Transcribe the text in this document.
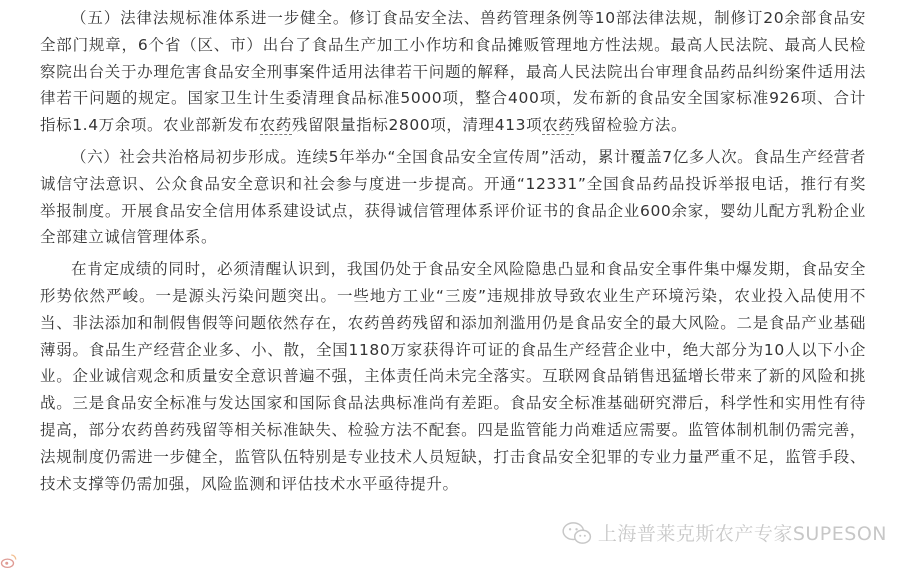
（五）法律法规标准体系进一步健全。修订食品安全法、兽药管理条例等10部法律法规，制修订20余部食品安全部门规章，6个省（区、市）出台了食品生产加工小作坊和食品摊贩管理地方性法规。最高人民法院、最高人民检察院出台关于办理危害食品安全刑事案件适用法律若干问题的解释，最高人民法院出台审理食品药品纠纷案件适用法律若干问题的规定。国家卫生计生委清理食品标准5000项，整合400项，发布新的食品安全国家标准926项、合计指标1.4万余项。农业部新发布农药残留限量指标2800项，清理413项农药残留检验方法。

（六）社会共治格局初步形成。连续5年举办“全国食品安全宣传周”活动，累计覆盖7亿多人次。食品生产经营者诚信守法意识、公众食品安全意识和社会参与度进一步提高。开通“12331”全国食品药品投诉举报电话，推行有奖举报制度。开展食品安全信用体系建设试点，获得诚信管理体系评价证书的食品企业600余家，婴幼儿配方乳粉企业全部建立诚信管理体系。

在肯定成绩的同时，必须清醒认识到，我国仍处于食品安全风险隐患凸显和食品安全事件集中爆发期，食品安全形势依然严峻。一是源头污染问题突出。一些地方工业“三废”违规排放导致农业生产环境污染，农业投入品使用不当、非法添加和制假售假等问题依然存在，农药兽药残留和添加剂滥用仍是食品安全的最大风险。二是食品产业基础薄弱。食品生产经营企业多、小、散，全国1180万家获得许可证的食品生产经营企业中，绝大部分为10人以下小企业。企业诚信观念和质量安全意识普遍不强，主体责任尚未完全落实。互联网食品销售迅猛增长带来了新的风险和挑战。三是食品安全标准与发达国家和国际食品法典标准尚有差距。食品安全标准基础研究滞后，科学性和实用性有待提高，部分农药兽药残留等相关标准缺失、检验方法不配套。四是监管能力尚难适应需要。监管体制机制仍需完善，法规制度仍需进一步健全，监管队伍特别是专业技术人员短缺，打击食品安全犯罪的专业力量严重不足，监管手段、技术支撑等仍需加强，风险监测和评估技术水平亟待提升。

上海普莱克斯农产专家SUPESON
